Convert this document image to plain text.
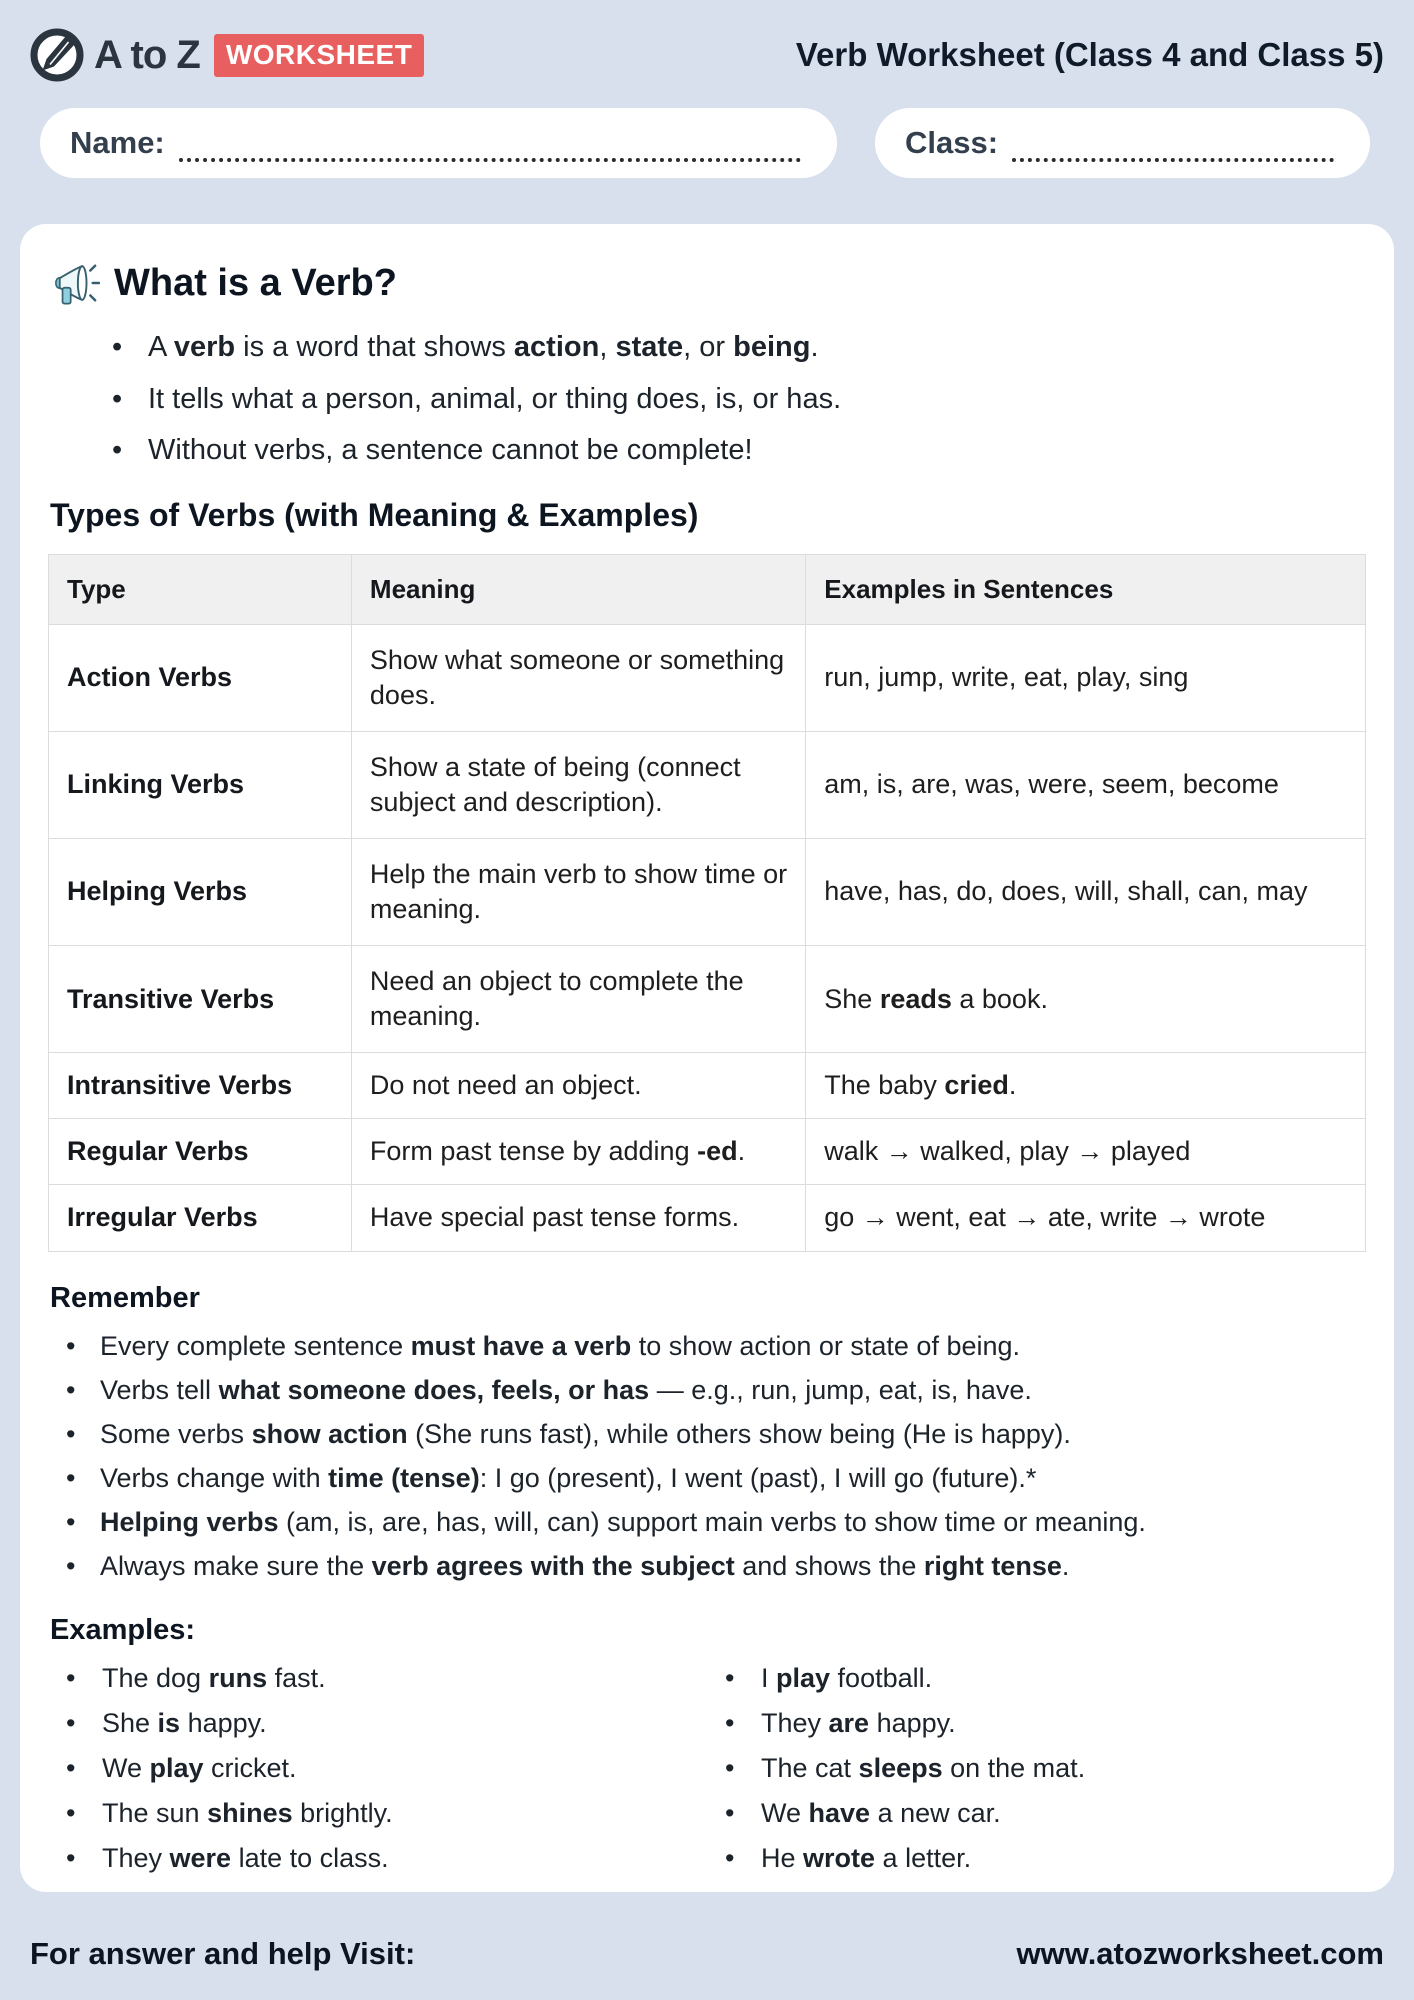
A to Z WORKSHEET	Verb Worksheet (Class 4 and Class 5)
Name:	Class:
What is a Verb?
• A verb is a word that shows action, state, or being.
• It tells what a person, animal, or thing does, is, or has.
• Without verbs, a sentence cannot be complete!
Types of Verbs (with Meaning & Examples)
Type	Meaning	Examples in Sentences
Action Verbs	Show what someone or something does.	run, jump, write, eat, play, sing
Linking Verbs	Show a state of being (connect subject and description).	am, is, are, was, were, seem, become
Helping Verbs	Help the main verb to show time or meaning.	have, has, do, does, will, shall, can, may
Transitive Verbs	Need an object to complete the meaning.	She reads a book.
Intransitive Verbs	Do not need an object.	The baby cried.
Regular Verbs	Form past tense by adding -ed.	walk → walked, play → played
Irregular Verbs	Have special past tense forms.	go → went, eat → ate, write → wrote
Remember
• Every complete sentence must have a verb to show action or state of being.
• Verbs tell what someone does, feels, or has — e.g., run, jump, eat, is, have.
• Some verbs show action (She runs fast), while others show being (He is happy).
• Verbs change with time (tense): I go (present), I went (past), I will go (future).*
• Helping verbs (am, is, are, has, will, can) support main verbs to show time or meaning.
• Always make sure the verb agrees with the subject and shows the right tense.
Examples:
• The dog runs fast.
• She is happy.
• We play cricket.
• The sun shines brightly.
• They were late to class.
• I play football.
• They are happy.
• The cat sleeps on the mat.
• We have a new car.
• He wrote a letter.
For answer and help Visit:	www.atozworksheet.com
